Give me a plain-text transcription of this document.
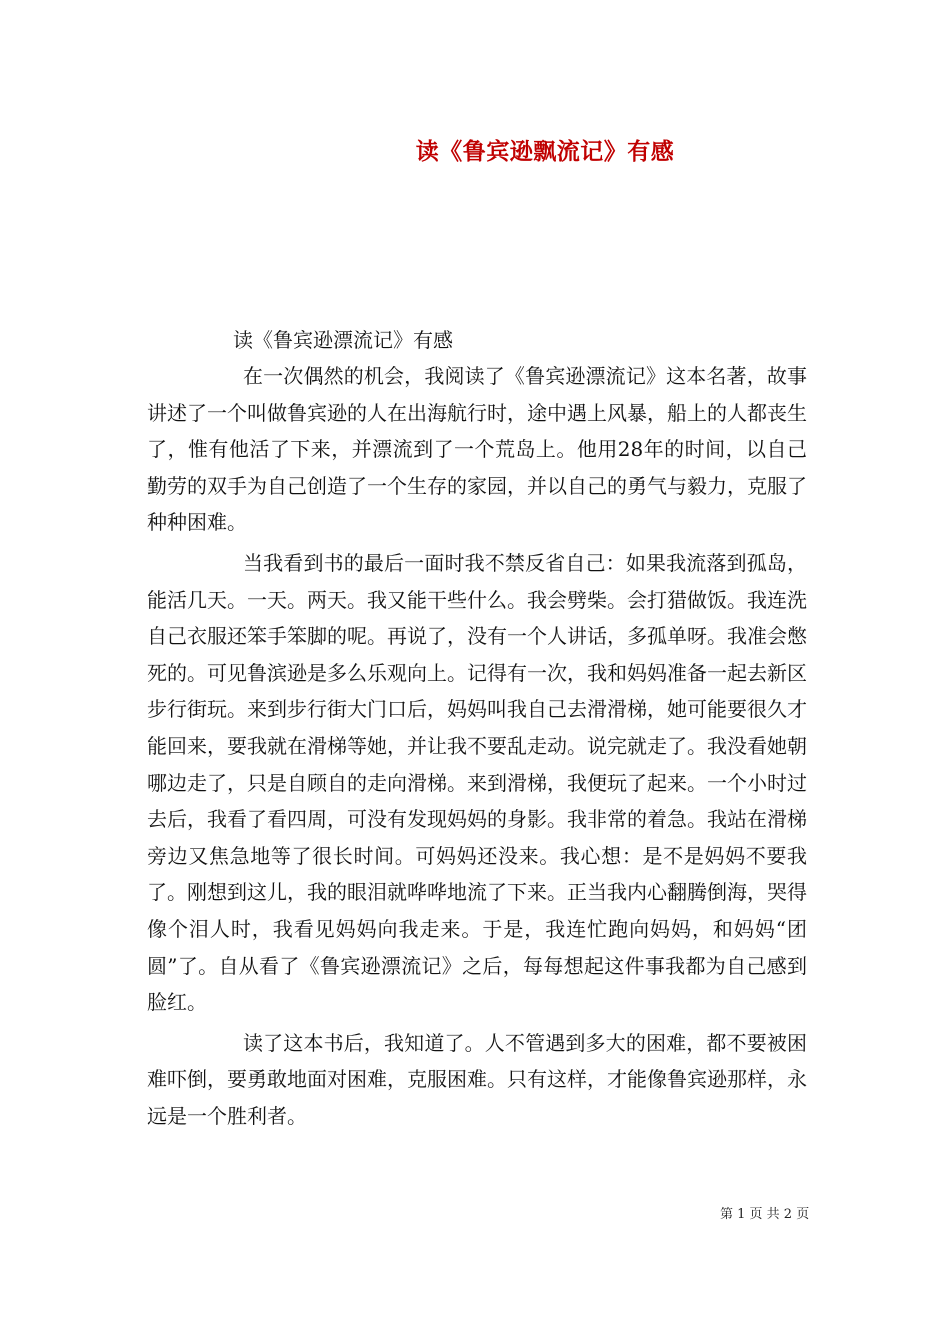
读《鲁宾逊飘流记》有感

读《鲁宾逊漂流记》有感

在一次偶然的机会，我阅读了《鲁宾逊漂流记》这本名著，故事讲述了一个叫做鲁宾逊的人在出海航行时，途中遇上风暴，船上的人都丧生了，惟有他活了下来，并漂流到了一个荒岛上。他用28年的时间，以自己勤劳的双手为自己创造了一个生存的家园，并以自己的勇气与毅力，克服了种种困难。

当我看到书的最后一面时我不禁反省自己：如果我流落到孤岛，能活几天。一天。两天。我又能干些什么。我会劈柴。会打猎做饭。我连洗自己衣服还笨手笨脚的呢。再说了，没有一个人讲话，多孤单呀。我准会憋死的。可见鲁滨逊是多么乐观向上。记得有一次，我和妈妈准备一起去新区步行街玩。来到步行街大门口后，妈妈叫我自己去滑滑梯，她可能要很久才能回来，要我就在滑梯等她，并让我不要乱走动。说完就走了。我没看她朝哪边走了，只是自顾自的走向滑梯。来到滑梯，我便玩了起来。一个小时过去后，我看了看四周，可没有发现妈妈的身影。我非常的着急。我站在滑梯旁边又焦急地等了很长时间。可妈妈还没来。我心想：是不是妈妈不要我了。刚想到这儿，我的眼泪就哗哗地流了下来。正当我内心翻腾倒海，哭得像个泪人时，我看见妈妈向我走来。于是，我连忙跑向妈妈，和妈妈“团圆”了。自从看了《鲁宾逊漂流记》之后，每每想起这件事我都为自己感到脸红。

读了这本书后，我知道了。人不管遇到多大的困难，都不要被困难吓倒，要勇敢地面对困难，克服困难。只有这样，才能像鲁宾逊那样，永远是一个胜利者。

第 1 页 共 2 页
